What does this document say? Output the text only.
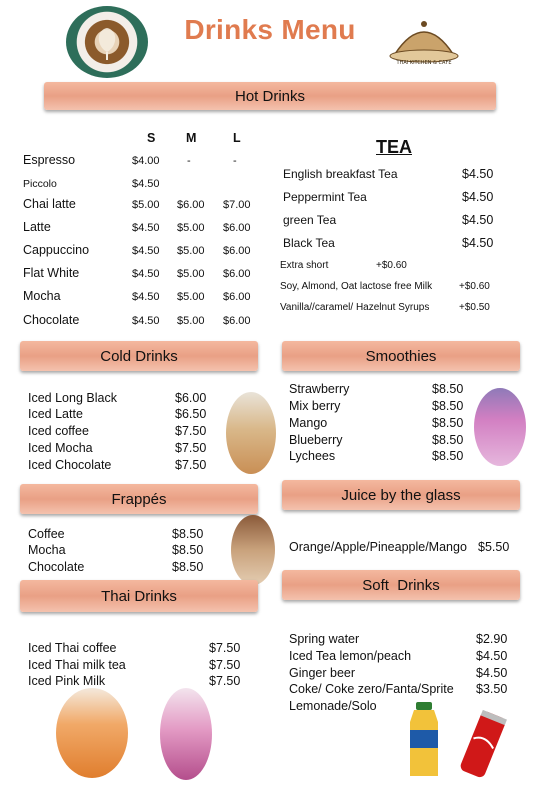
Drinks Menu
THAI KITCHEN & CAFE
Hot Drinks
S M	L
Espresso	$4.00 -	-
Piccolo	$4.50
Chai latte	$5.00 $6.00 $7.00
Latte	$4.50 $5.00 $6.00
Cappuccino	$4.50 $5.00 $6.00
Flat White	$4.50 $5.00 $6.00
Mocha	$4.50 $5.00 $6.00
Chocolate	$4.50 $5.00 $6.00
TEA
English breakfast Tea	$4.50
Peppermint Tea	$4.50
green Tea	$4.50
Black Tea	$4.50
Extra short	+$0.60
Soy, Almond, Oat lactose free Milk	+$0.60
Vanilla//caramel/ Hazelnut Syrups	+$0.50
Cold Drinks
Iced Long Black	$6.00
Iced Latte	$6.50
Iced coffee	$7.50
Iced Mocha	$7.50
Iced Chocolate	$7.50
Frappés
Coffee	$8.50
Mocha	$8.50
Chocolate	$8.50
Thai Drinks
Iced Thai coffee	$7.50
Iced Thai milk tea	$7.50
Iced Pink Milk	$7.50
Smoothies
Strawberry	$8.50
Mix berry	$8.50
Mango	$8.50
Blueberry	$8.50
Lychees	$8.50
Juice by the glass
Orange/Apple/Pineapple/Mango $5.50
Soft  Drinks
Spring water	$2.90
Iced Tea lemon/peach	$4.50
Ginger beer	$4.50
Coke/ Coke zero/Fanta/Sprite $3.50
Lemonade/Solo
